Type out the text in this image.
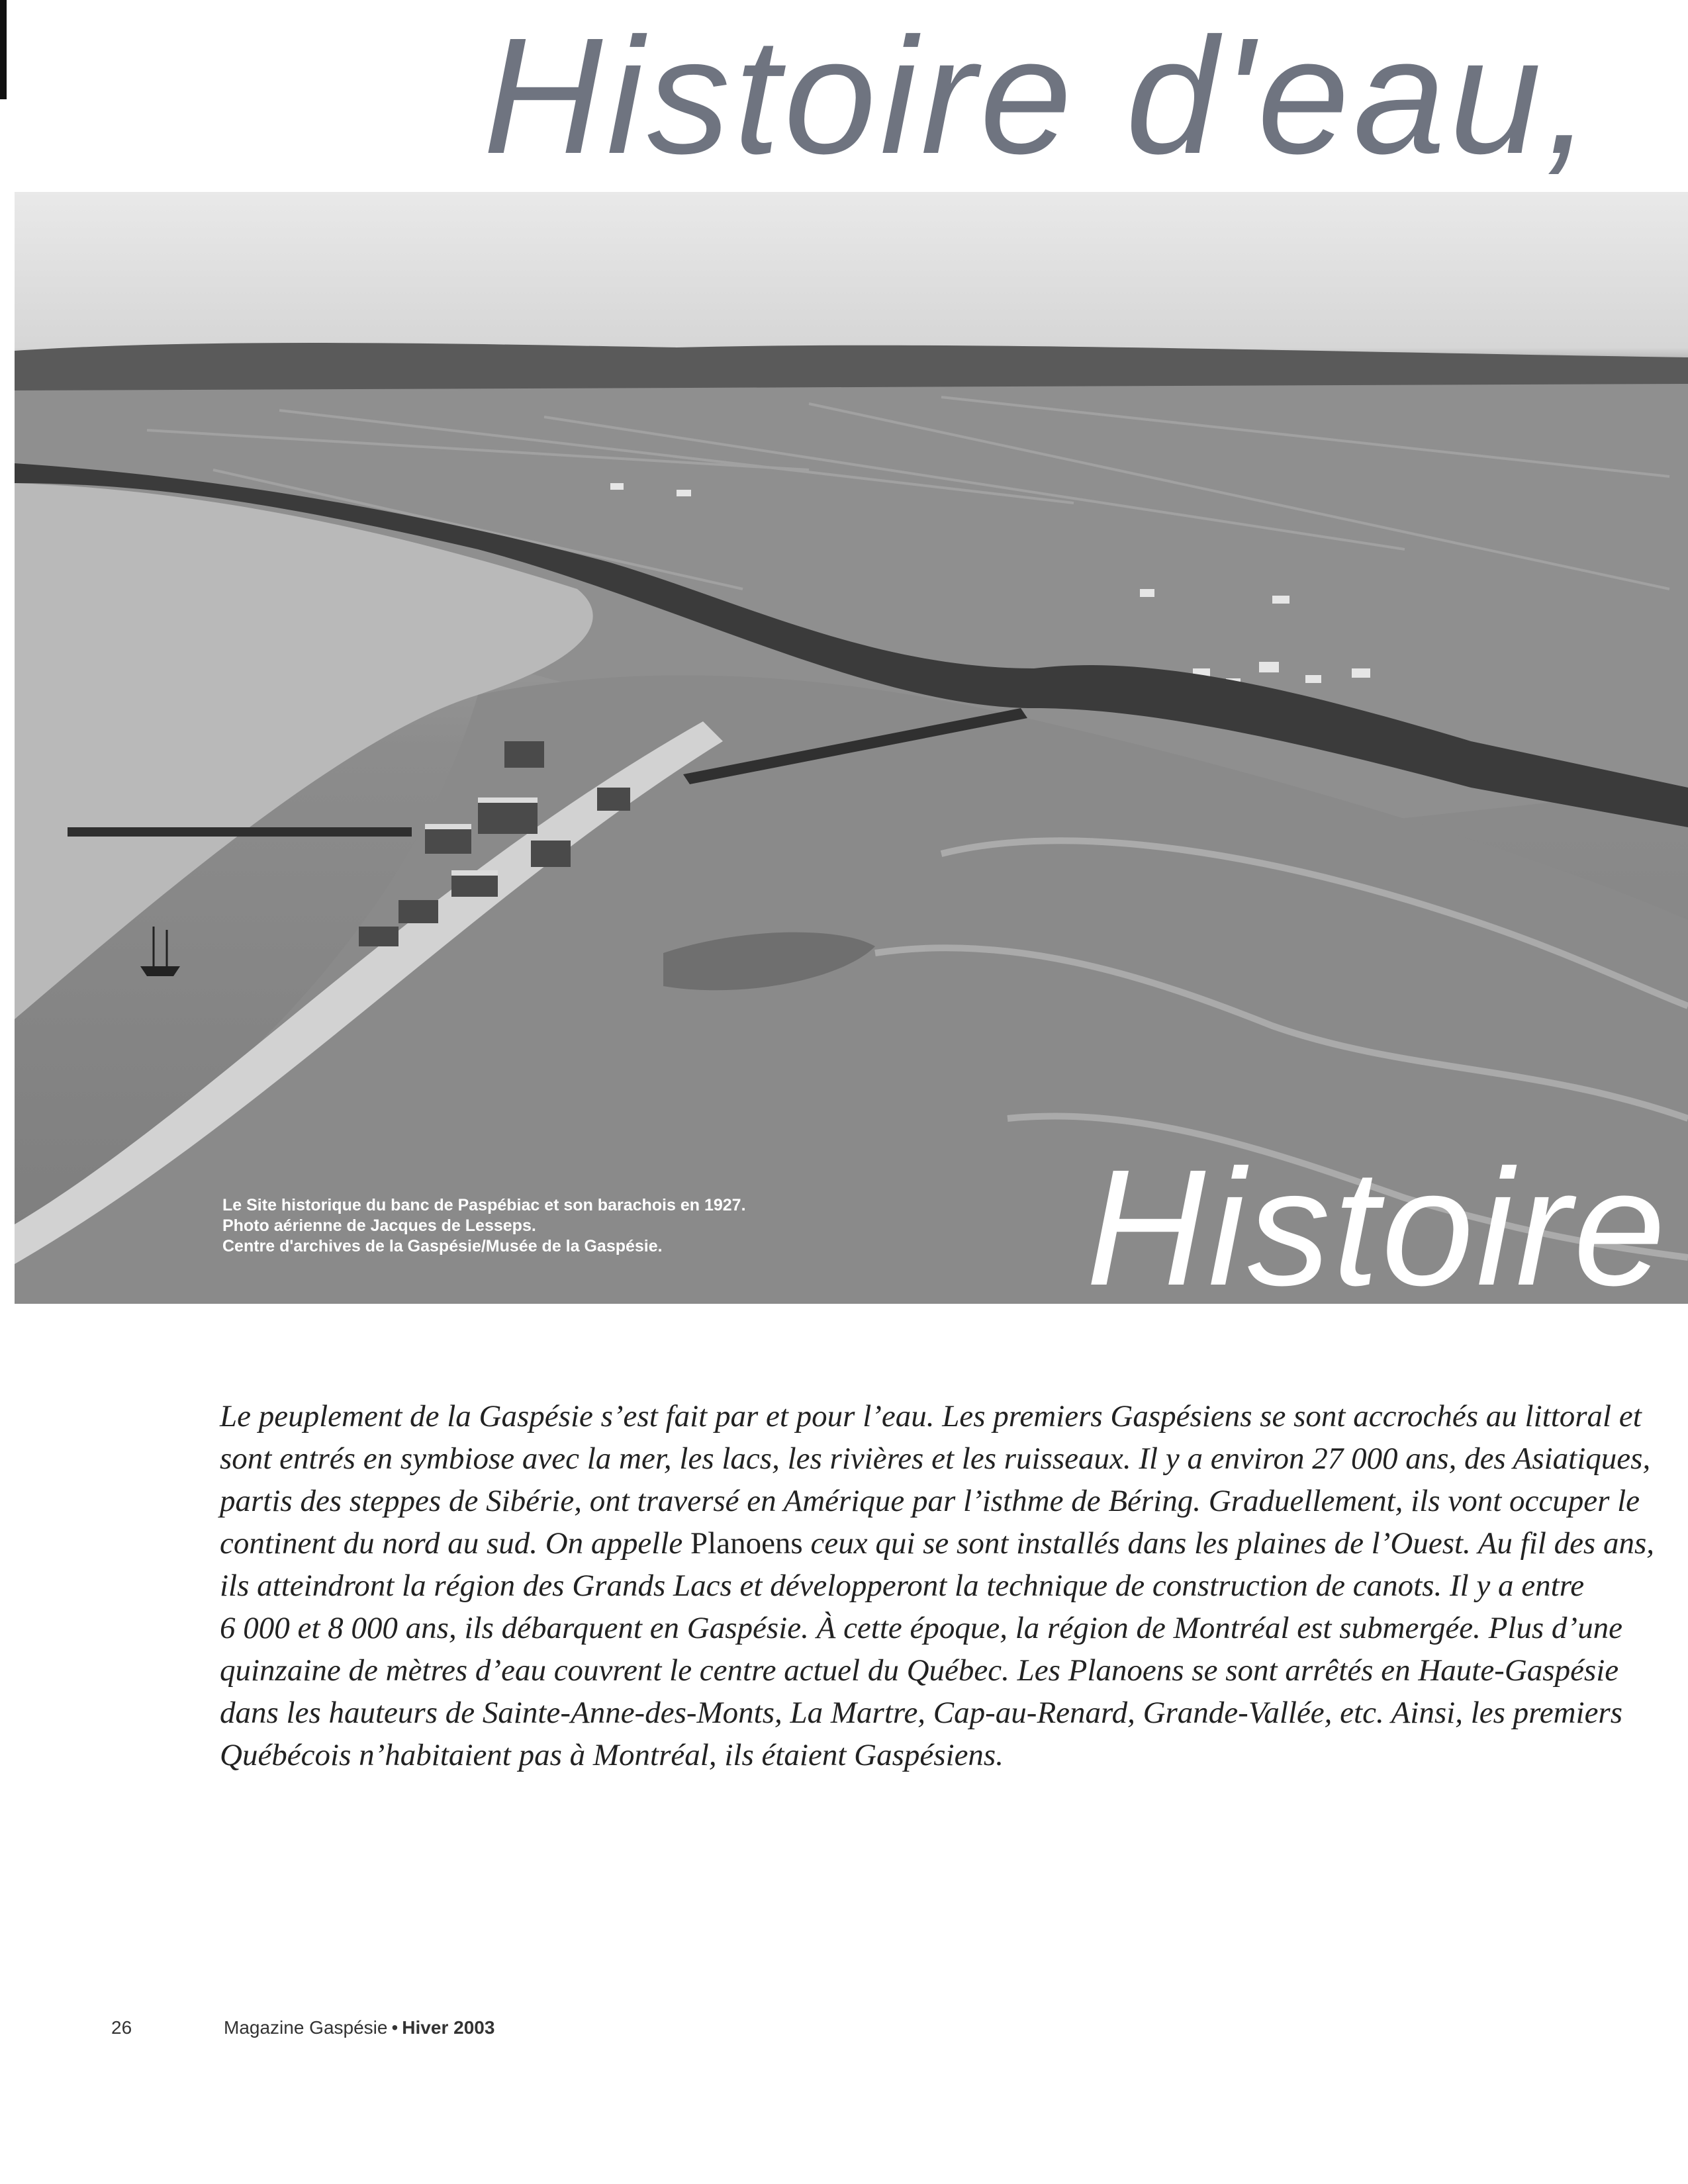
Histoire d'eau,
Histoire
Le Site historique du banc de Paspébiac et son barachois en 1927.
Photo aérienne de Jacques de Lesseps.
Centre d'archives de la Gaspésie/Musée de la Gaspésie.
Le peuplement de la Gaspésie s’est fait par et pour l’eau. Les premiers Gaspésiens se sont accrochés au littoral et
sont entrés en symbiose avec la mer, les lacs, les rivières et les ruisseaux. Il y a environ 27 000 ans, des Asiatiques,
partis des steppes de Sibérie, ont traversé en Amérique par l’isthme de Béring. Graduellement, ils vont occuper le
continent du nord au sud. On appelle Planoens ceux qui se sont installés dans les plaines de l’Ouest. Au fil des ans,
ils atteindront la région des Grands Lacs et développeront la technique de construction de canots. Il y a entre
6 000 et 8 000 ans, ils débarquent en Gaspésie. À cette époque, la région de Montréal est submergée. Plus d’une
quinzaine de mètres d’eau couvrent le centre actuel du Québec. Les Planoens se sont arrêtés en Haute-Gaspésie
dans les hauteurs de Sainte-Anne-des-Monts, La Martre, Cap-au-Renard, Grande-Vallée, etc. Ainsi, les premiers
Québécois n’habitaient pas à Montréal, ils étaient Gaspésiens.
26	Magazine Gaspésie • Hiver 2003
